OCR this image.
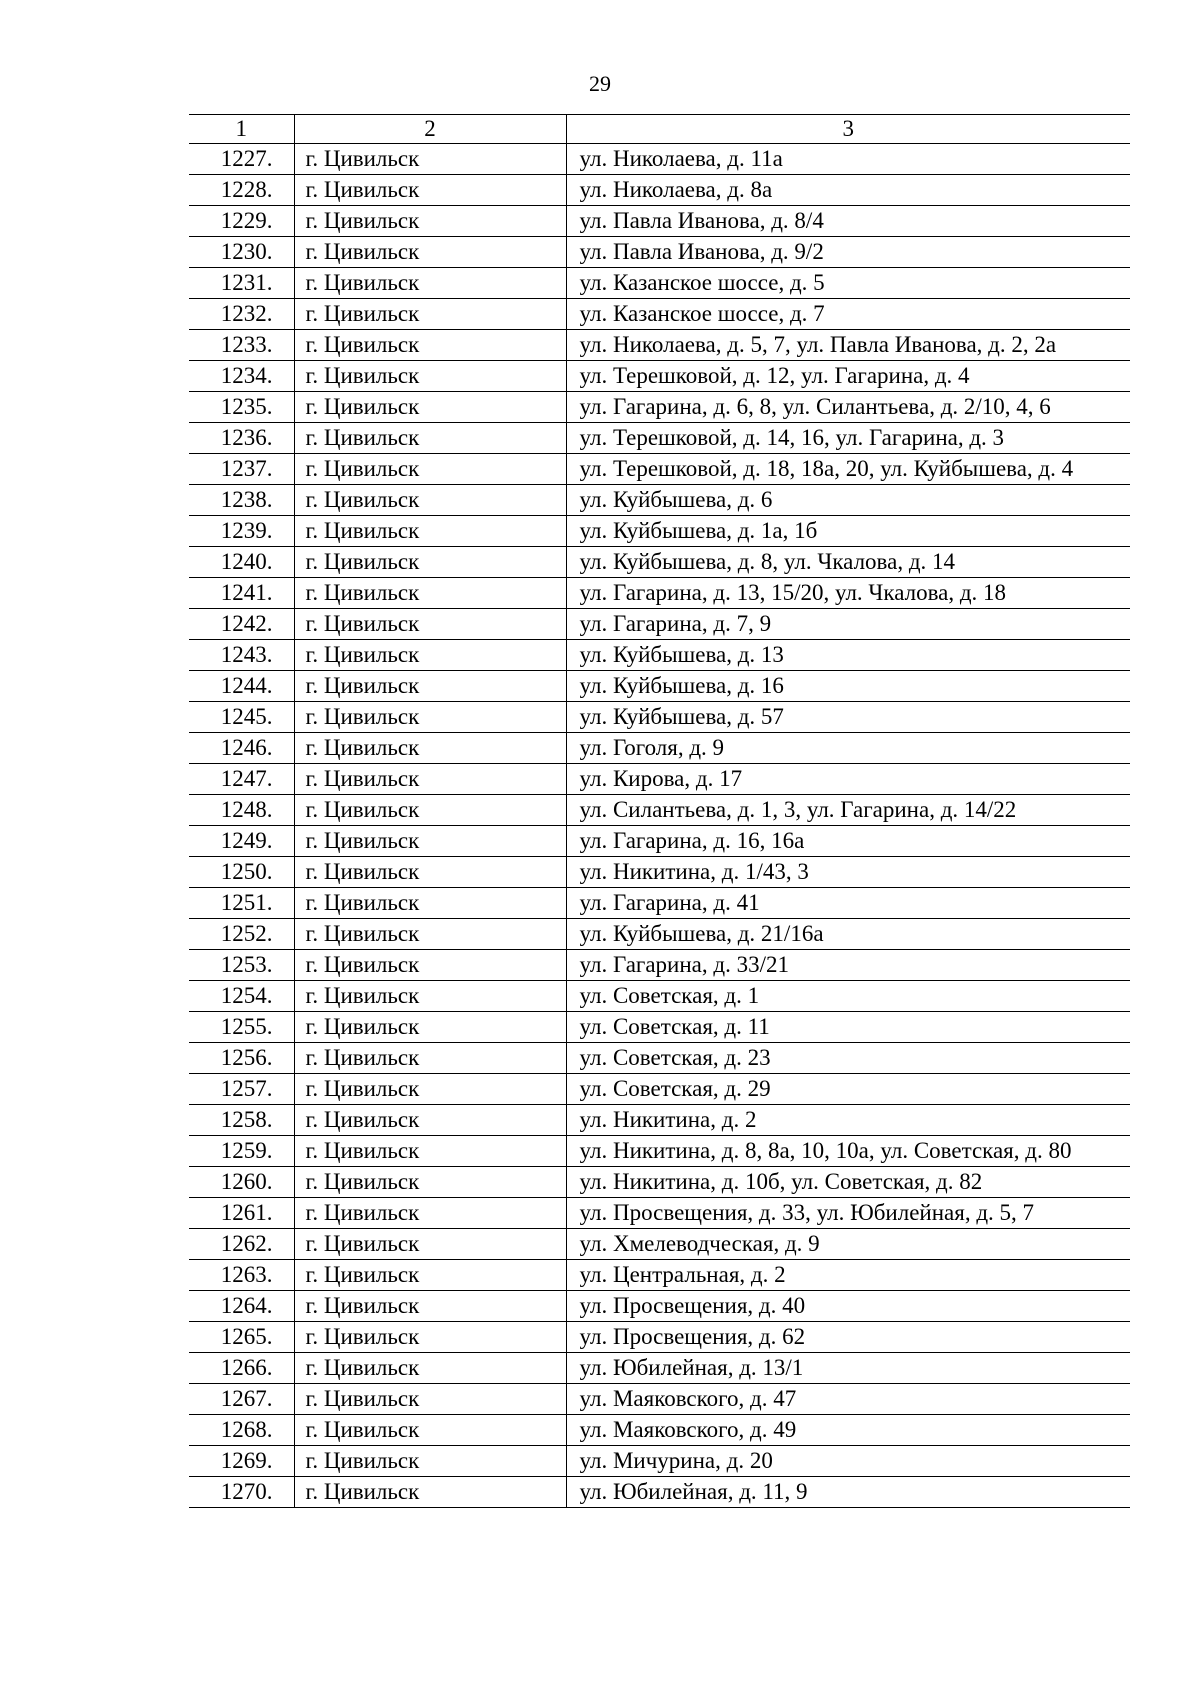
29
1	2	3
1227.	г. Цивильск	ул. Николаева, д. 11а
1228.	г. Цивильск	ул. Николаева, д. 8а
1229.	г. Цивильск	ул. Павла Иванова, д. 8/4
1230.	г. Цивильск	ул. Павла Иванова, д. 9/2
1231.	г. Цивильск	ул. Казанское шоссе, д. 5
1232.	г. Цивильск	ул. Казанское шоссе, д. 7
1233.	г. Цивильск	ул. Николаева, д. 5, 7, ул. Павла Иванова, д. 2, 2а
1234.	г. Цивильск	ул. Терешковой, д. 12, ул. Гагарина, д. 4
1235.	г. Цивильск	ул. Гагарина, д. 6, 8, ул. Силантьева, д. 2/10, 4, 6
1236.	г. Цивильск	ул. Терешковой, д. 14, 16, ул. Гагарина, д. 3
1237.	г. Цивильск	ул. Терешковой, д. 18, 18а, 20, ул. Куйбышева, д. 4
1238.	г. Цивильск	ул. Куйбышева, д. 6
1239.	г. Цивильск	ул. Куйбышева, д. 1а, 1б
1240.	г. Цивильск	ул. Куйбышева, д. 8, ул. Чкалова, д. 14
1241.	г. Цивильск	ул. Гагарина, д. 13, 15/20, ул. Чкалова, д. 18
1242.	г. Цивильск	ул. Гагарина, д. 7, 9
1243.	г. Цивильск	ул. Куйбышева, д. 13
1244.	г. Цивильск	ул. Куйбышева, д. 16
1245.	г. Цивильск	ул. Куйбышева, д. 57
1246.	г. Цивильск	ул. Гоголя, д. 9
1247.	г. Цивильск	ул. Кирова, д. 17
1248.	г. Цивильск	ул. Силантьева, д. 1, 3, ул. Гагарина, д. 14/22
1249.	г. Цивильск	ул. Гагарина, д. 16, 16а
1250.	г. Цивильск	ул. Никитина, д. 1/43, 3
1251.	г. Цивильск	ул. Гагарина, д. 41
1252.	г. Цивильск	ул. Куйбышева, д. 21/16а
1253.	г. Цивильск	ул. Гагарина, д. 33/21
1254.	г. Цивильск	ул. Советская, д. 1
1255.	г. Цивильск	ул. Советская, д. 11
1256.	г. Цивильск	ул. Советская, д. 23
1257.	г. Цивильск	ул. Советская, д. 29
1258.	г. Цивильск	ул. Никитина, д. 2
1259.	г. Цивильск	ул. Никитина, д. 8, 8а, 10, 10а, ул. Советская, д. 80
1260.	г. Цивильск	ул. Никитина, д. 10б, ул. Советская, д. 82
1261.	г. Цивильск	ул. Просвещения, д. 33, ул. Юбилейная, д. 5, 7
1262.	г. Цивильск	ул. Хмелеводческая, д. 9
1263.	г. Цивильск	ул. Центральная, д. 2
1264.	г. Цивильск	ул. Просвещения, д. 40
1265.	г. Цивильск	ул. Просвещения, д. 62
1266.	г. Цивильск	ул. Юбилейная, д. 13/1
1267.	г. Цивильск	ул. Маяковского, д. 47
1268.	г. Цивильск	ул. Маяковского, д. 49
1269.	г. Цивильск	ул. Мичурина, д. 20
1270.	г. Цивильск	ул. Юбилейная, д. 11, 9
